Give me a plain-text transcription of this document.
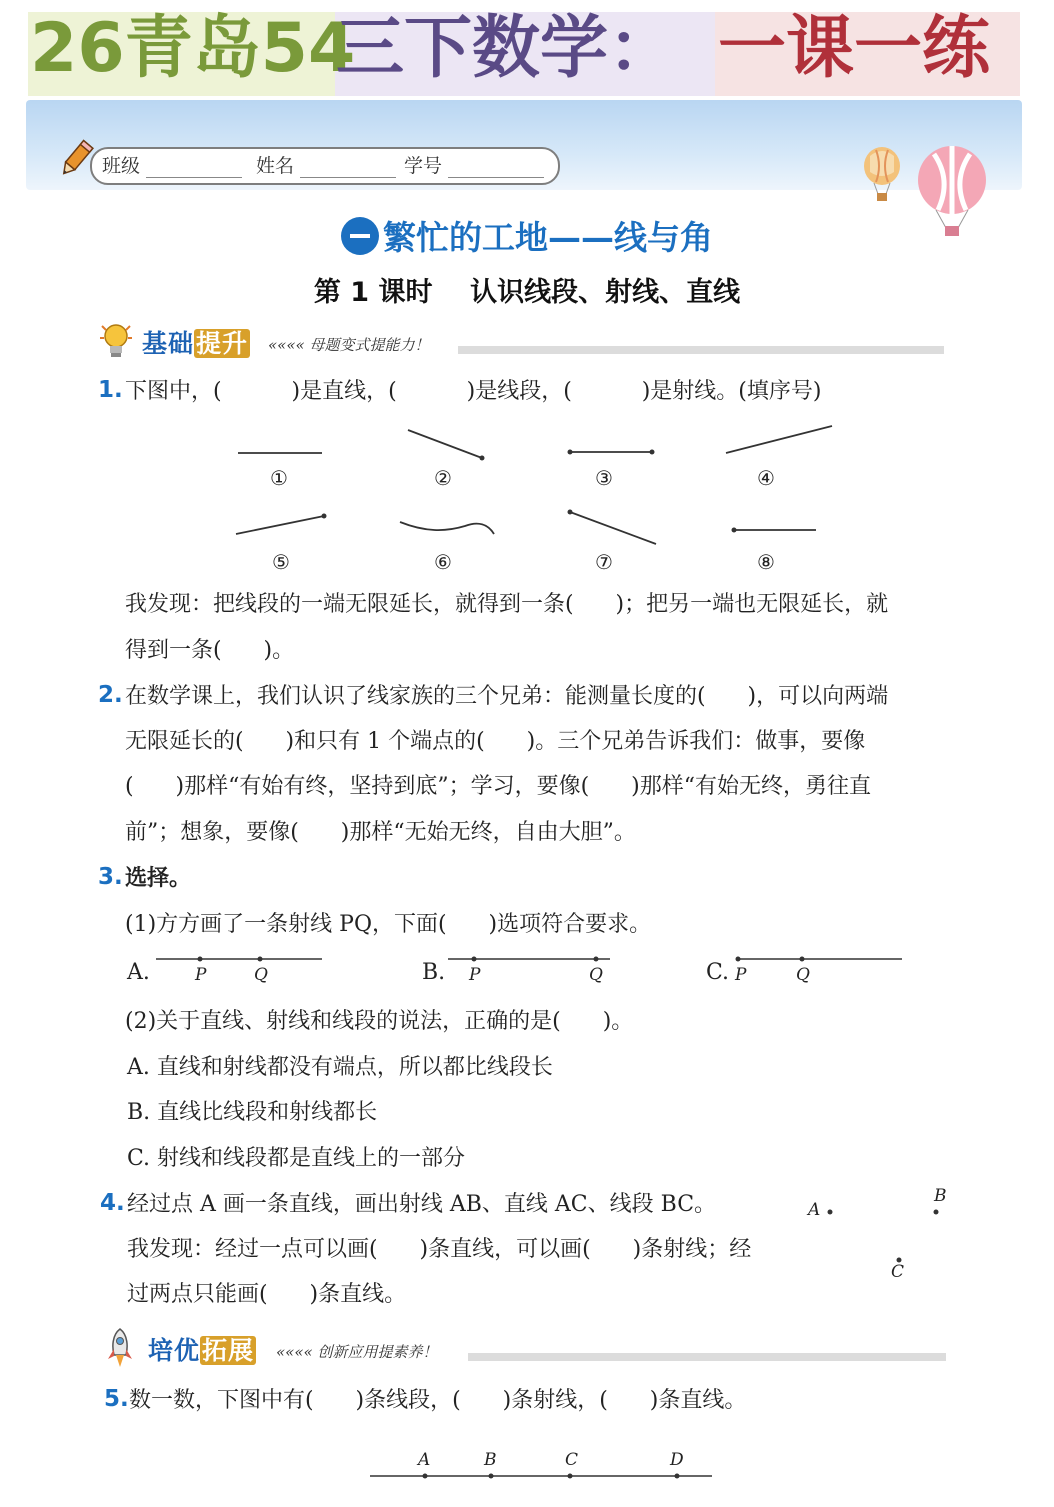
26青岛54
三下数学： 一课一练
班级	姓名	学号
繁忙的工地——线与角
第 1 课时    认识线段、射线、直线
基础提升 «««« 母题变式提能力！
1. 下图中，(          )是直线，(          )是线段，(          )是射线。(填序号)
①	②	③	④
⑤	⑥	⑦	⑧
我发现：把线段的一端无限延长，就得到一条(      )；把另一端也无限延长，就
得到一条(      )。
2. 在数学课上，我们认识了线家族的三个兄弟：能测量长度的(      )，可以向两端
无限延长的(      )和只有 1 个端点的(      )。三个兄弟告诉我们：做事，要像
(      )那样“有始有终，坚持到底”；学习，要像(      )那样“有始无终，勇往直
前”；想象，要像(      )那样“无始无终，自由大胆”。
3. 选择。
(1)方方画了一条射线 PQ，下面(      )选项符合要求。
A.	B.	C.
P	Q	P	Q	P	Q
(2)关于直线、射线和线段的说法，正确的是(      )。
A. 直线和射线都没有端点，所以都比线段长
B. 直线比线段和射线都长
C. 射线和线段都是直线上的一部分
4. 经过点 A 画一条直线，画出射线 AB、直线 AC、线段 BC。
我发现：经过一点可以画(      )条直线，可以画(      )条射线；经
过两点只能画(      )条直线。
A
B
C
培优拓展 «««« 创新应用提素养！
5. 数一数，下图中有(      )条线段，(      )条射线，(      )条直线。
A	B	C	D
